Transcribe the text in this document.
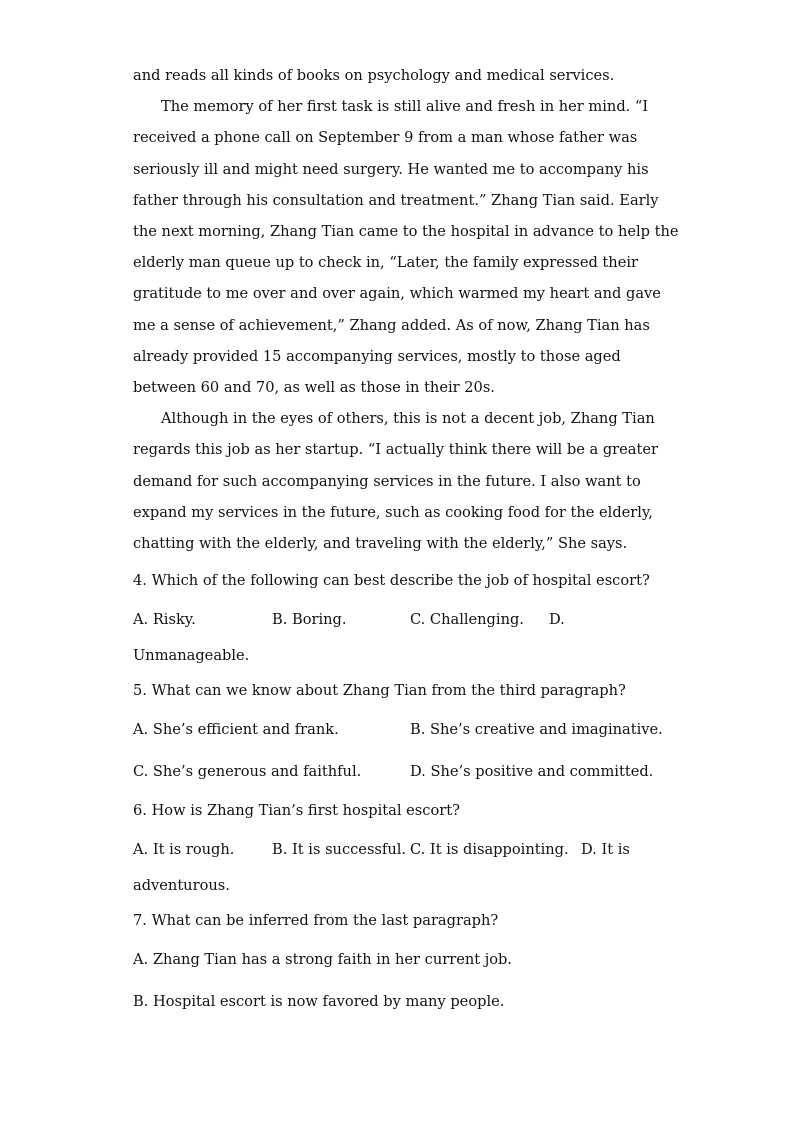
and reads all kinds of books on psychology and medical services.

The memory of her first task is still alive and fresh in her mind. “I

received a phone call on September 9 from a man whose father was

seriously ill and might need surgery. He wanted me to accompany his

father through his consultation and treatment.” Zhang Tian said. Early

the next morning, Zhang Tian came to the hospital in advance to help the

elderly man queue up to check in, “Later, the family expressed their

gratitude to me over and over again, which warmed my heart and gave

me a sense of achievement,” Zhang added. As of now, Zhang Tian has

already provided 15 accompanying services, mostly to those aged

between 60 and 70, as well as those in their 20s.

Although in the eyes of others, this is not a decent job, Zhang Tian

regards this job as her startup. “I actually think there will be a greater

demand for such accompanying services in the future. I also want to

expand my services in the future, such as cooking food for the elderly,

chatting with the elderly, and traveling with the elderly,” She says.

4. Which of the following can best describe the job of hospital escort?

A. Risky.	B. Boring.	C. Challenging. D.

Unmanageable.

5. What can we know about Zhang Tian from the third paragraph?

A. She’s efficient and frank.	B. She’s creative and imaginative.
C. She’s generous and faithful.	D. She’s positive and committed.

6. How is Zhang Tian’s first hospital escort?

A. It is rough.	B. It is successful. C. It is disappointing. D. It is

adventurous.

7. What can be inferred from the last paragraph?

A. Zhang Tian has a strong faith in her current job.
B. Hospital escort is now favored by many people.
